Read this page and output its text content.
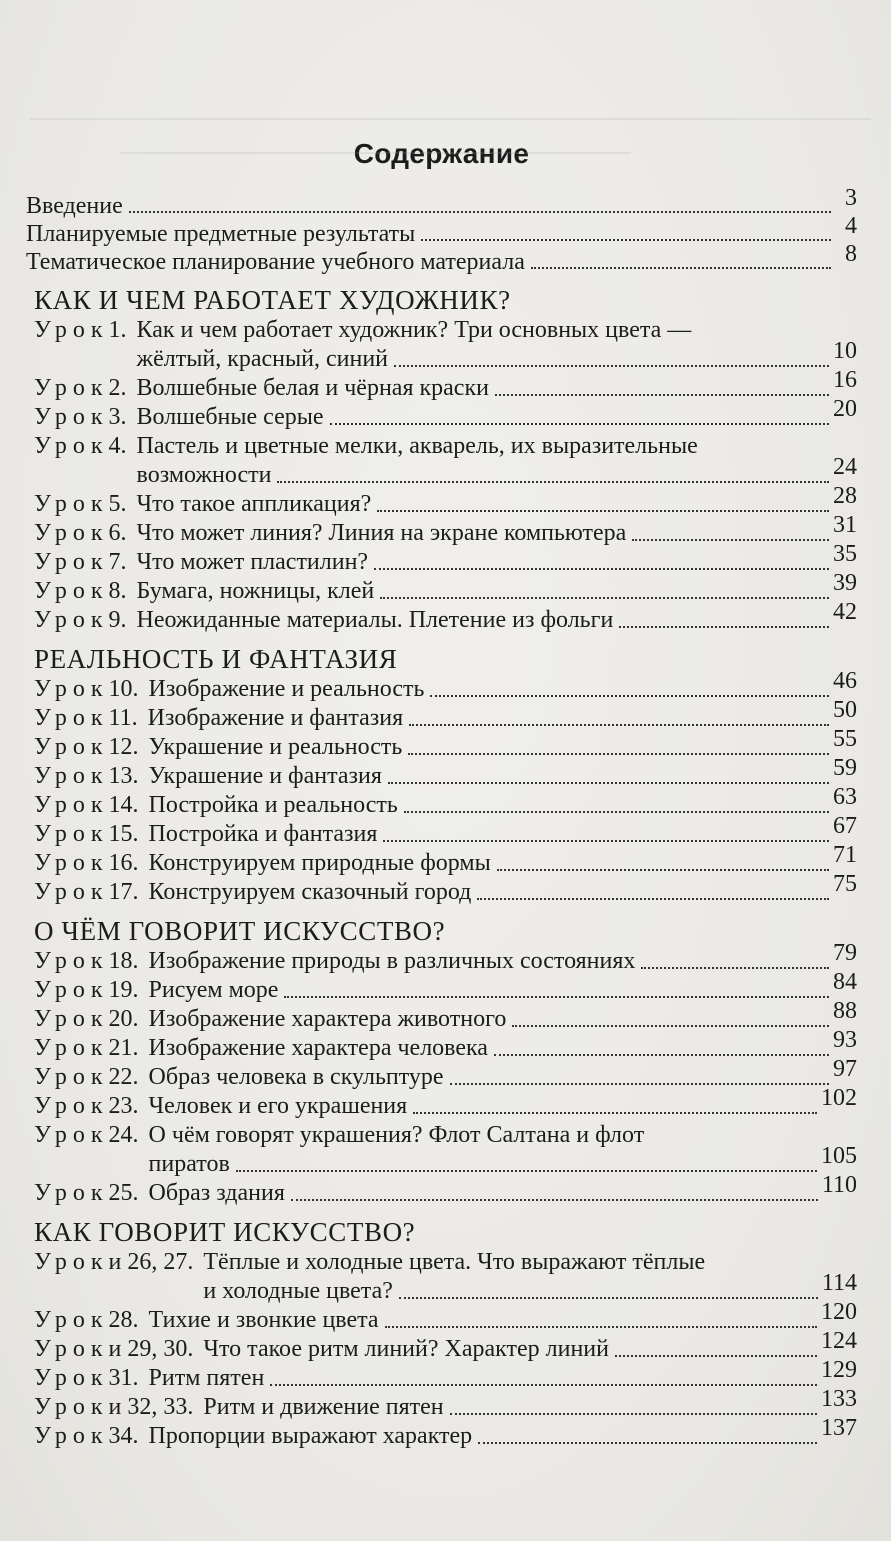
Содержание
Введение	3
Планируемые предметные результаты	4
Тематическое планирование учебного материала	8
КАК И ЧЕМ РАБОТАЕТ ХУДОЖНИК?
Урок 1. Как и чем работает художник? Три основных цвета —
жёлтый, красный, синий	10
Урок 2. Волшебные белая и чёрная краски	16
Урок 3. Волшебные серые	20
Урок 4. Пастель и цветные мелки, акварель, их выразительные
возможности	24
Урок 5. Что такое аппликация?	28
Урок 6. Что может линия? Линия на экране компьютера	31
Урок 7. Что может пластилин?	35
Урок 8. Бумага, ножницы, клей	39
Урок 9. Неожиданные материалы. Плетение из фольги	42
РЕАЛЬНОСТЬ И ФАНТАЗИЯ
Урок 10. Изображение и реальность	46
Урок 11. Изображение и фантазия	50
Урок 12. Украшение и реальность	55
Урок 13. Украшение и фантазия	59
Урок 14. Постройка и реальность	63
Урок 15. Постройка и фантазия	67
Урок 16. Конструируем природные формы	71
Урок 17. Конструируем сказочный город	75
О ЧЁМ ГОВОРИТ ИСКУССТВО?
Урок 18. Изображение природы в различных состояниях	79
Урок 19. Рисуем море	84
Урок 20. Изображение характера животного	88
Урок 21. Изображение характера человека	93
Урок 22. Образ человека в скульптуре	97
Урок 23. Человек и его украшения	102
Урок 24. О чём говорят украшения? Флот Салтана и флот
пиратов	105
Урок 25. Образ здания	110
КАК ГОВОРИТ ИСКУССТВО?
Уроки 26, 27. Тёплые и холодные цвета. Что выражают тёплые
и холодные цвета?	114
Урок 28. Тихие и звонкие цвета	120
Уроки 29, 30. Что такое ритм линий? Характер линий	124
Урок 31. Ритм пятен	129
Уроки 32, 33. Ритм и движение пятен	133
Урок 34. Пропорции выражают характер	137
